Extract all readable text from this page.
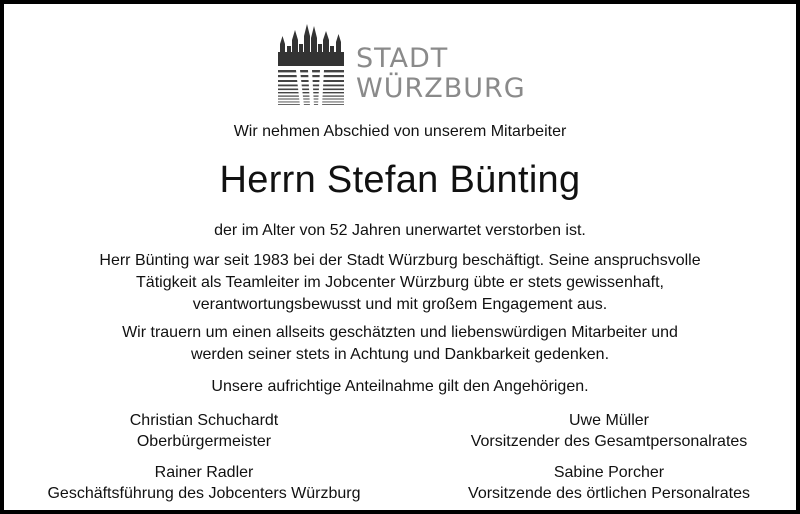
STADT
WÜRZBURG
Wir nehmen Abschied von unserem Mitarbeiter
Herrn Stefan Bünting
der im Alter von 52 Jahren unerwartet verstorben ist.
Herr Bünting war seit 1983 bei der Stadt Würzburg beschäftigt. Seine anspruchsvolle
Tätigkeit als Teamleiter im Jobcenter Würzburg übte er stets gewissenhaft,
verantwortungsbewusst und mit großem Engagement aus.
Wir trauern um einen allseits geschätzten und liebenswürdigen Mitarbeiter und
werden seiner stets in Achtung und Dankbarkeit gedenken.
Unsere aufrichtige Anteilnahme gilt den Angehörigen.
Christian Schuchardt
Oberbürgermeister
Uwe Müller
Vorsitzender des Gesamtpersonalrates
Rainer Radler
Geschäftsführung des Jobcenters Würzburg
Sabine Porcher
Vorsitzende des örtlichen Personalrates
